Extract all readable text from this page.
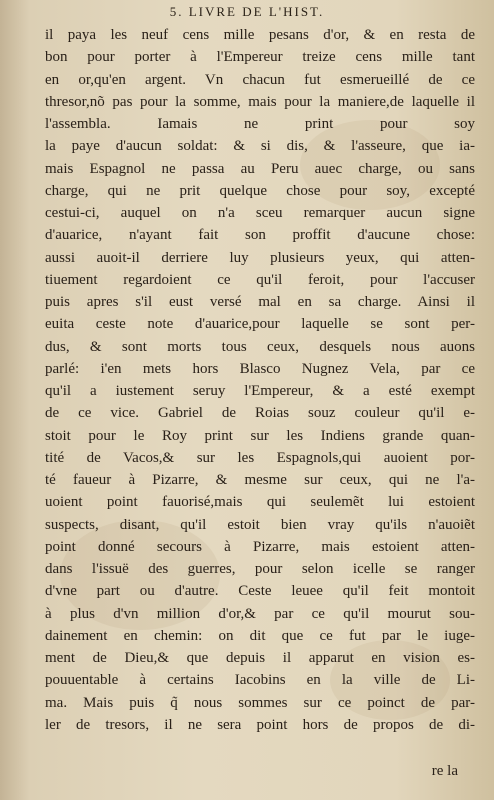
5. LIVRE DE L'HIST.
il paya les neuf cens mille pesans d'or, & en resta de
bon pour porter à l'Empereur treize cens mille tant
en or,qu'en argent. Vn chacun fut esmerueillé de ce
thresor,nõ pas pour la somme, mais pour la maniere,de laquelle il l'assembla. Iamais ne print pour soy
la paye d'aucun soldat: & si dis, & l'asseure, que ia-
mais Espagnol ne passa au Peru auec charge, ou sans
charge, qui ne prit quelque chose pour soy, excepté
cestui-ci, auquel on n'a sceu remarquer aucun signe
d'auarice, n'ayant fait son proffit d'aucune chose:
aussi auoit-il derriere luy plusieurs yeux, qui atten-
tiuement regardoient ce qu'il feroit, pour l'accuser
puis apres s'il eust versé mal en sa charge. Ainsi il
euita ceste note d'auarice,pour laquelle se sont per-
dus, & sont morts tous ceux, desquels nous auons
parlé: i'en mets hors Blasco Nugnez Vela, par ce
qu'il a iustement seruy l'Empereur, & a esté exempt
de ce vice. Gabriel de Roias souz couleur qu'il e-
stoit pour le Roy print sur les Indiens grande quan-
tité de Vacos,& sur les Espagnols,qui auoient por-
té faueur à Pizarre, & mesme sur ceux, qui ne l'a-
uoient point fauorisé,mais qui seulemẽt lui estoient
suspects, disant, qu'il estoit bien vray qu'ils n'auoiẽt
point donné secours à Pizarre, mais estoient atten-
dans l'issuë des guerres, pour selon icelle se ranger
d'vne part ou d'autre. Ceste leuee qu'il feit montoit
à plus d'vn million d'or,& par ce qu'il mourut sou-
dainement en chemin: on dit que ce fut par le iuge-
ment de Dieu,& que depuis il apparut en vision es-
pouuentable à certains Iacobins en la ville de Li-
ma. Mais puis q̃ nous sommes sur ce poinct de par-
ler de tresors, il ne sera point hors de propos de di-
re la
